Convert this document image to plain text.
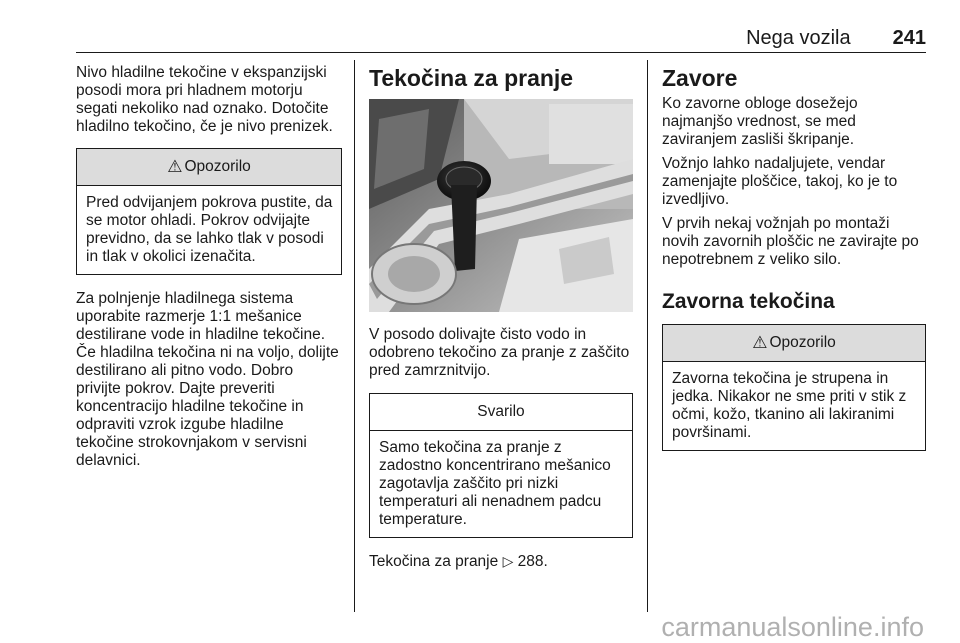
Nega vozila 241

Nivo hladilne tekočine v ekspanzijski posodi mora pri hladnem motorju segati nekoliko nad oznako. Dotočite hladilno tekočino, če je nivo prenizek.

⚠ Opozorilo
Pred odvijanjem pokrova pustite, da se motor ohladi. Pokrov odvijajte previdno, da se lahko tlak v posodi in tlak v okolici izenačita.

Za polnjenje hladilnega sistema uporabite razmerje 1:1 mešanice destilirane vode in hladilne tekočine. Če hladilna tekočina ni na voljo, dolijte destilirano ali pitno vodo. Dobro privijte pokrov. Dajte preveriti koncentracijo hladilne tekočine in odpraviti vzrok izgube hladilne tekočine strokovnjakom v servisni delavnici.

Tekočina za pranje

V posodo dolivajte čisto vodo in odobreno tekočino za pranje z zaščito pred zamrznitvijo.

Svarilo
Samo tekočina za pranje z zadostno koncentrirano mešanico zagotavlja zaščito pri nizki temperaturi ali nenadnem padcu temperature.

Tekočina za pranje ▷ 288.

Zavore

Ko zavorne obloge dosežejo najmanjšo vrednost, se med zaviranjem zasliši škripanje.

Vožnjo lahko nadaljujete, vendar zamenjajte ploščice, takoj, ko je to izvedljivo.

V prvih nekaj vožnjah po montaži novih zavornih ploščic ne zavirajte po nepotrebnem z veliko silo.

Zavorna tekočina
⚠ Opozorilo
Zavorna tekočina je strupena in jedka. Nikakor ne sme priti v stik z očmi, kožo, tkanino ali lakiranimi površinami.
carmanualsonline.info
